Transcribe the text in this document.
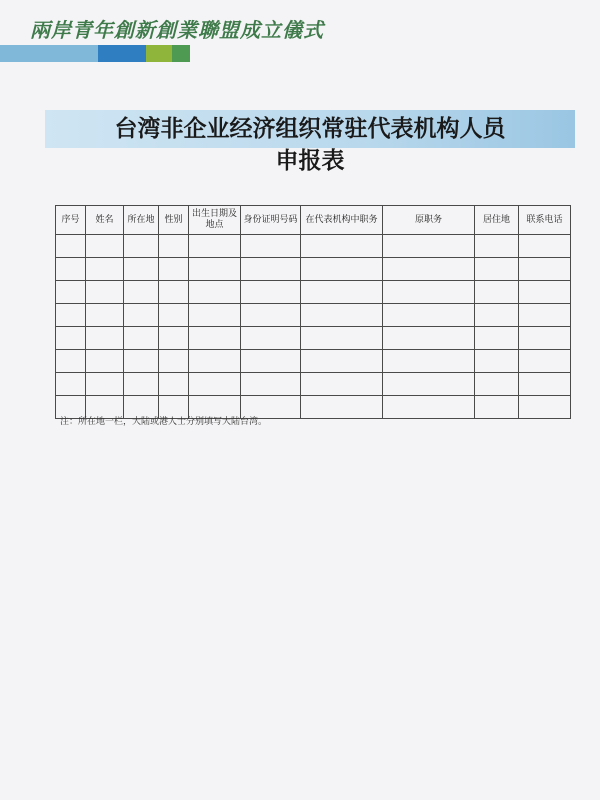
兩岸青年創新創業聯盟成立儀式
台湾非企业经济组织常驻代表机构人员
申报表
序号	姓名	所在地	性别	出生日期及地点	身份证明号码	在代表机构中职务	原职务	居住地	联系电话

注：所在地一栏，大陆或港人士分别填写大陆台湾。
